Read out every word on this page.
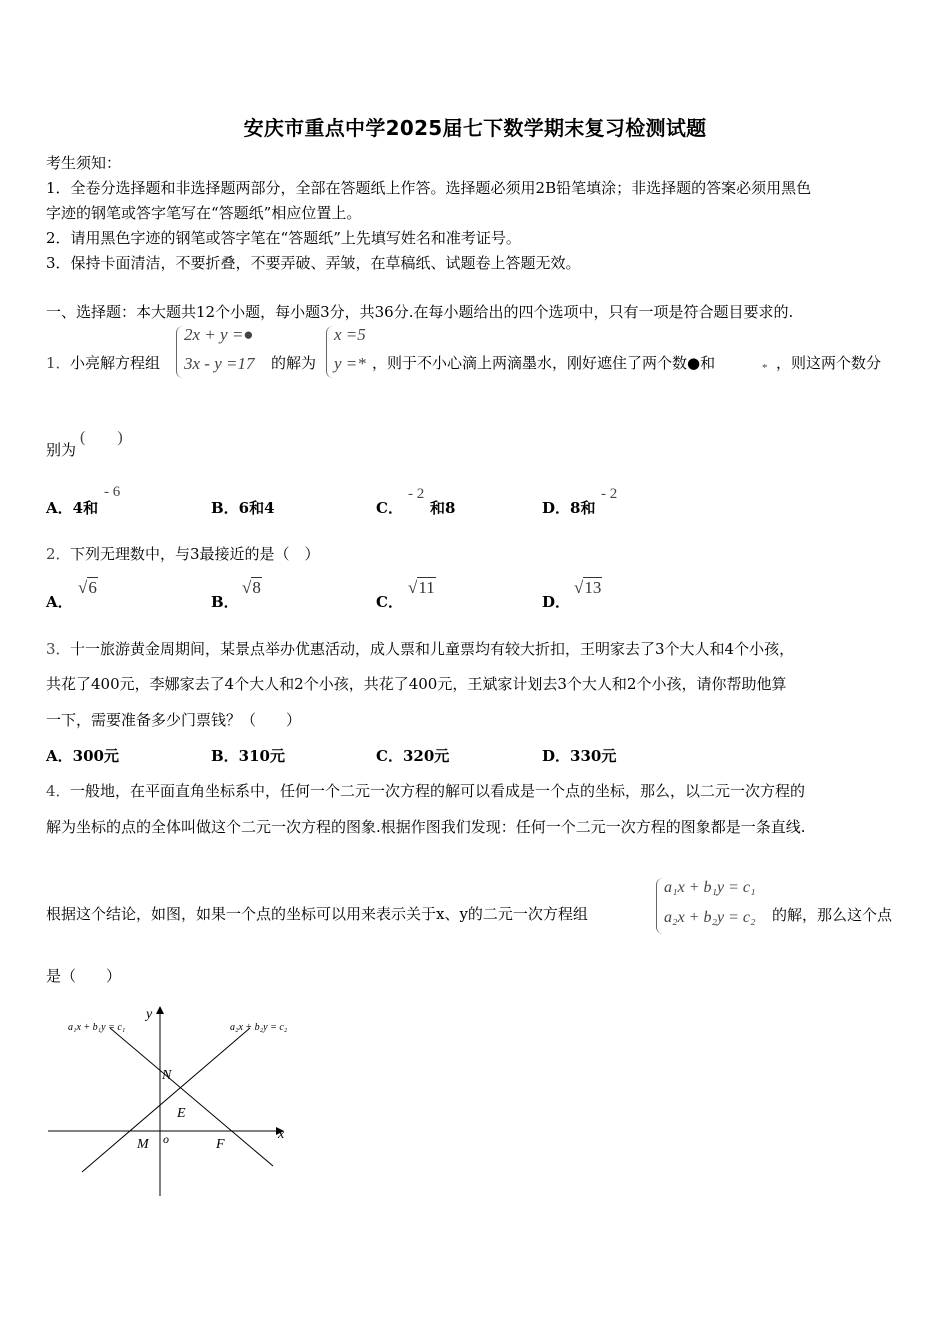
安庆市重点中学2025届七下数学期末复习检测试题
考生须知：
1．全卷分选择题和非选择题两部分，全部在答题纸上作答。选择题必须用2B铅笔填涂；非选择题的答案必须用黑色
字迹的钢笔或答字笔写在“答题纸”相应位置上。
2．请用黑色字迹的钢笔或答字笔在“答题纸”上先填写姓名和准考证号。
3．保持卡面清洁，不要折叠，不要弄破、弄皱，在草稿纸、试题卷上答题无效。
一、选择题：本大题共12个小题，每小题3分，共36分.在每小题给出的四个选项中，只有一项是符合题目要求的.
1． 小亮解方程组
2x + y =●
3x - y =17 的解为
x =5
y =* ，则于不小心滴上两滴墨水，刚好遮住了两个数●和	* ，则这两个数分
别为
(　　)
A．4和
- 6
B．6和4	C．
- 2
和8	D．8和
- 2
2． 下列无理数中，与3最接近的是（　）
A．
√6
B．
√8
C．
√11
D．
√13
3． 十一旅游黄金周期间，某景点举办优惠活动，成人票和儿童票均有较大折扣，王明家去了3个大人和4个小孩，
共花了400元，李娜家去了4个大人和2个小孩，共花了400元，王斌家计划去3个大人和2个小孩，请你帮助他算
一下，需要准备多少门票钱？（　　）
A．300元	B．310元	C．320元	D．330元
4． 一般地，在平面直角坐标系中，任何一个二元一次方程的解可以看成是一个点的坐标，那么，以二元一次方程的
解为坐标的点的全体叫做这个二元一次方程的图象.根据作图我们发现：任何一个二元一次方程的图象都是一条直线.
根据这个结论，如图，如果一个点的坐标可以用来表示关于x、y的二元一次方程组
a₁x + b₁y = c₁
a₂x + b₂y = c₂ 的解，那么这个点
是（　　）
a₁x + b₁y = c₁	a₂x + b₂y = c₂
y
x
N
E
M o	F
